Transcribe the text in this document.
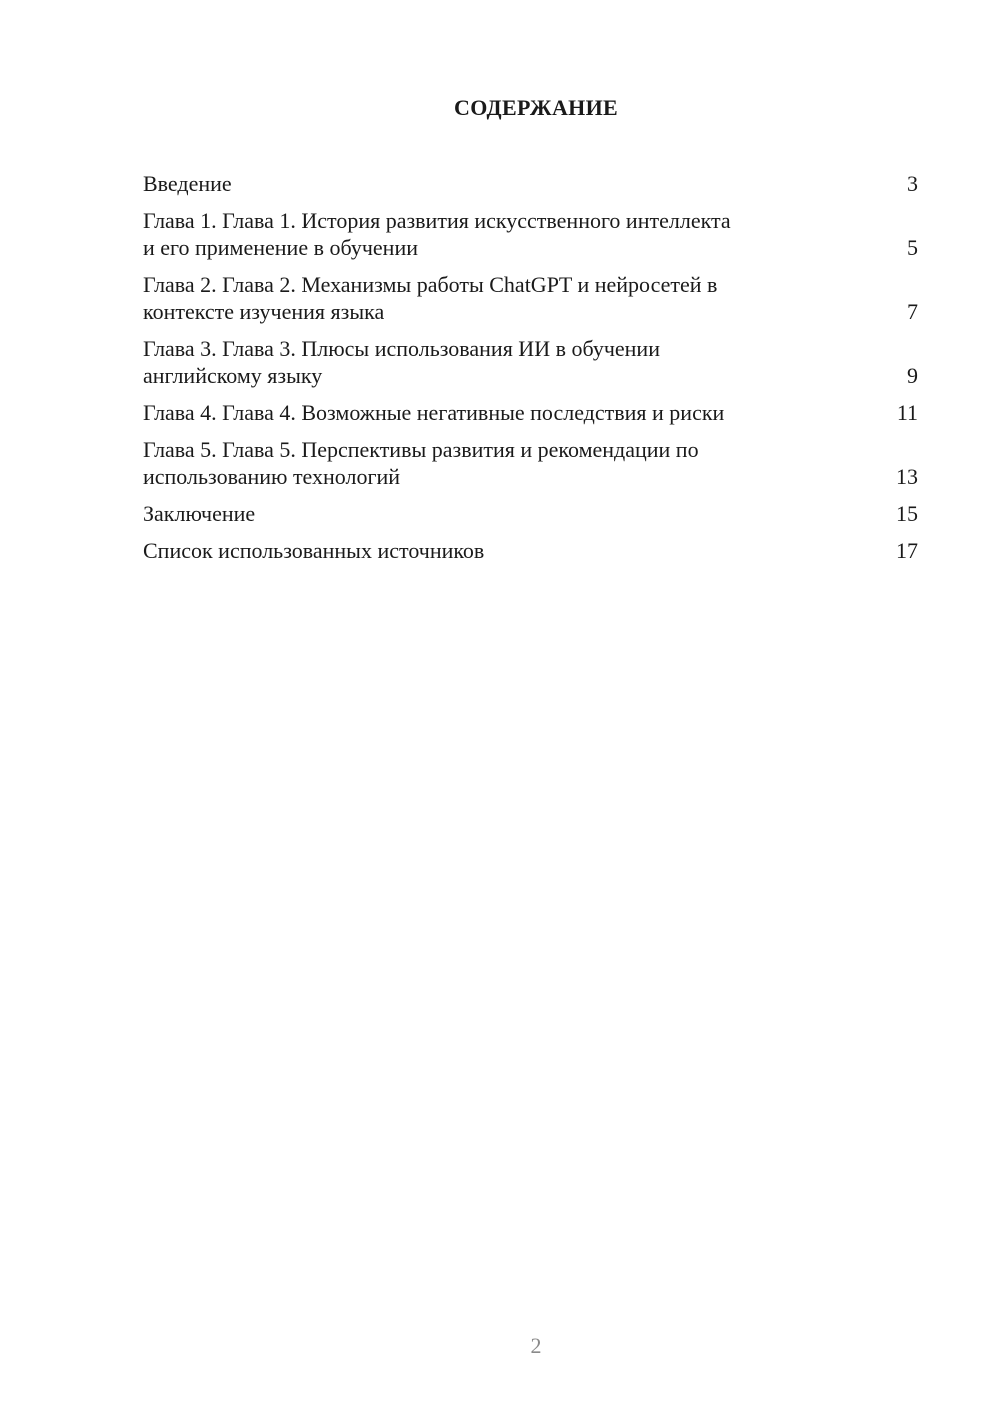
СОДЕРЖАНИЕ
Введение	3
Глава 1. Глава 1. История развития искусственного интеллекта
и его применение в обучении	5
Глава 2. Глава 2. Механизмы работы ChatGPT и нейросетей в
контексте изучения языка	7
Глава 3. Глава 3. Плюсы использования ИИ в обучении
английскому языку	9
Глава 4. Глава 4. Возможные негативные последствия и риски	11
Глава 5. Глава 5. Перспективы развития и рекомендации по
использованию технологий	13
Заключение	15
Список использованных источников	17
2
